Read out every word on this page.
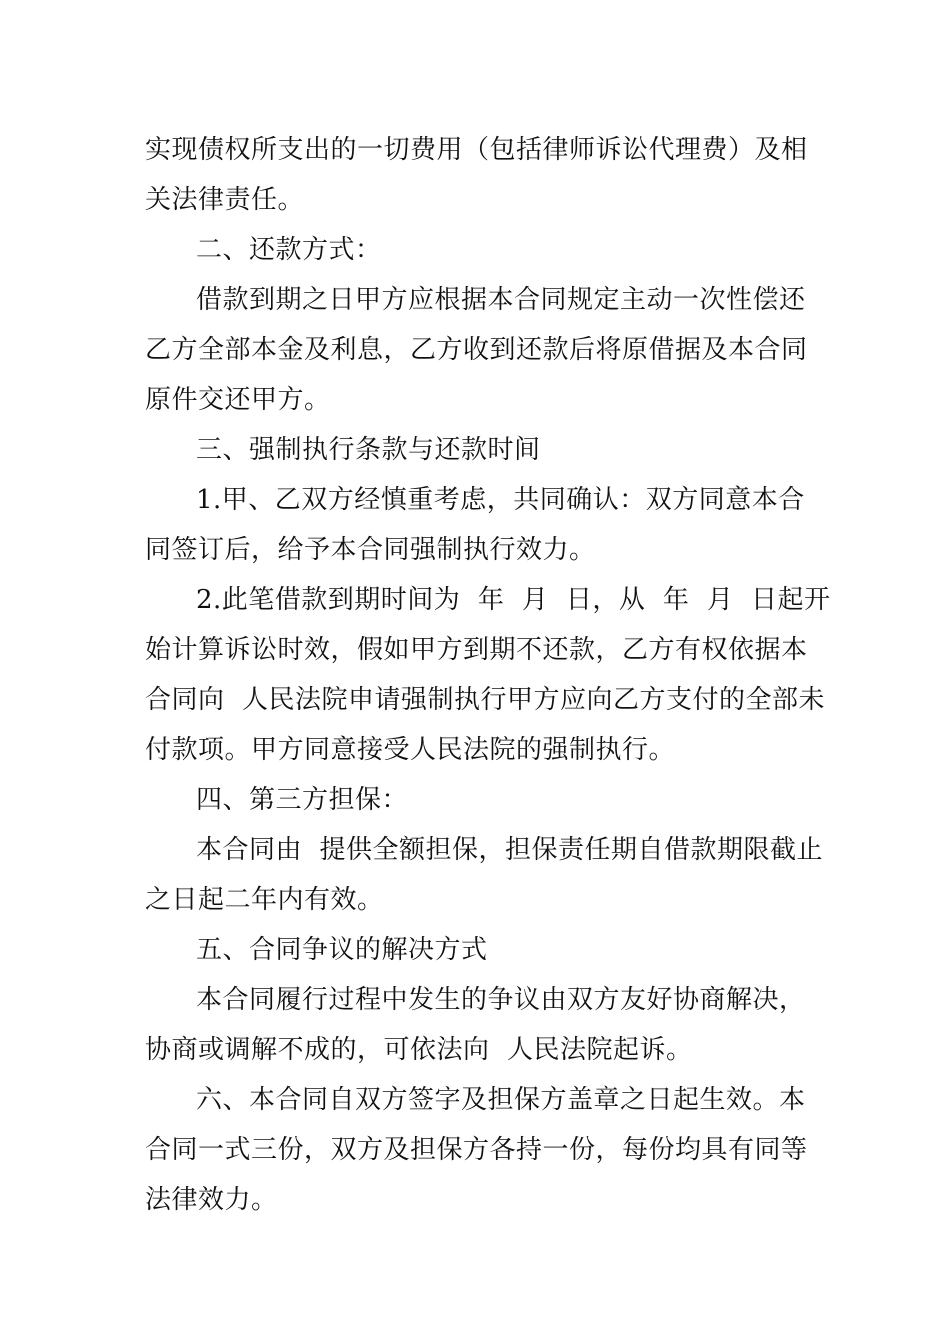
实现债权所支出的一切费用（包括律师诉讼代理费）及相
关法律责任。
二、还款方式：
借款到期之日甲方应根据本合同规定主动一次性偿还
乙方全部本金及利息，乙方收到还款后将原借据及本合同
原件交还甲方。
三、强制执行条款与还款时间
1.甲、乙双方经慎重考虑，共同确认：双方同意本合
同签订后，给予本合同强制执行效力。
2.此笔借款到期时间为  年  月  日，从  年  月  日起开
始计算诉讼时效，假如甲方到期不还款，乙方有权依据本
合同向  人民法院申请强制执行甲方应向乙方支付的全部未
付款项。甲方同意接受人民法院的强制执行。
四、第三方担保：
本合同由  提供全额担保，担保责任期自借款期限截止
之日起二年内有效。
五、合同争议的解决方式
本合同履行过程中发生的争议由双方友好协商解决，
协商或调解不成的，可依法向  人民法院起诉。
六、本合同自双方签字及担保方盖章之日起生效。本
合同一式三份，双方及担保方各持一份，每份均具有同等
法律效力。
